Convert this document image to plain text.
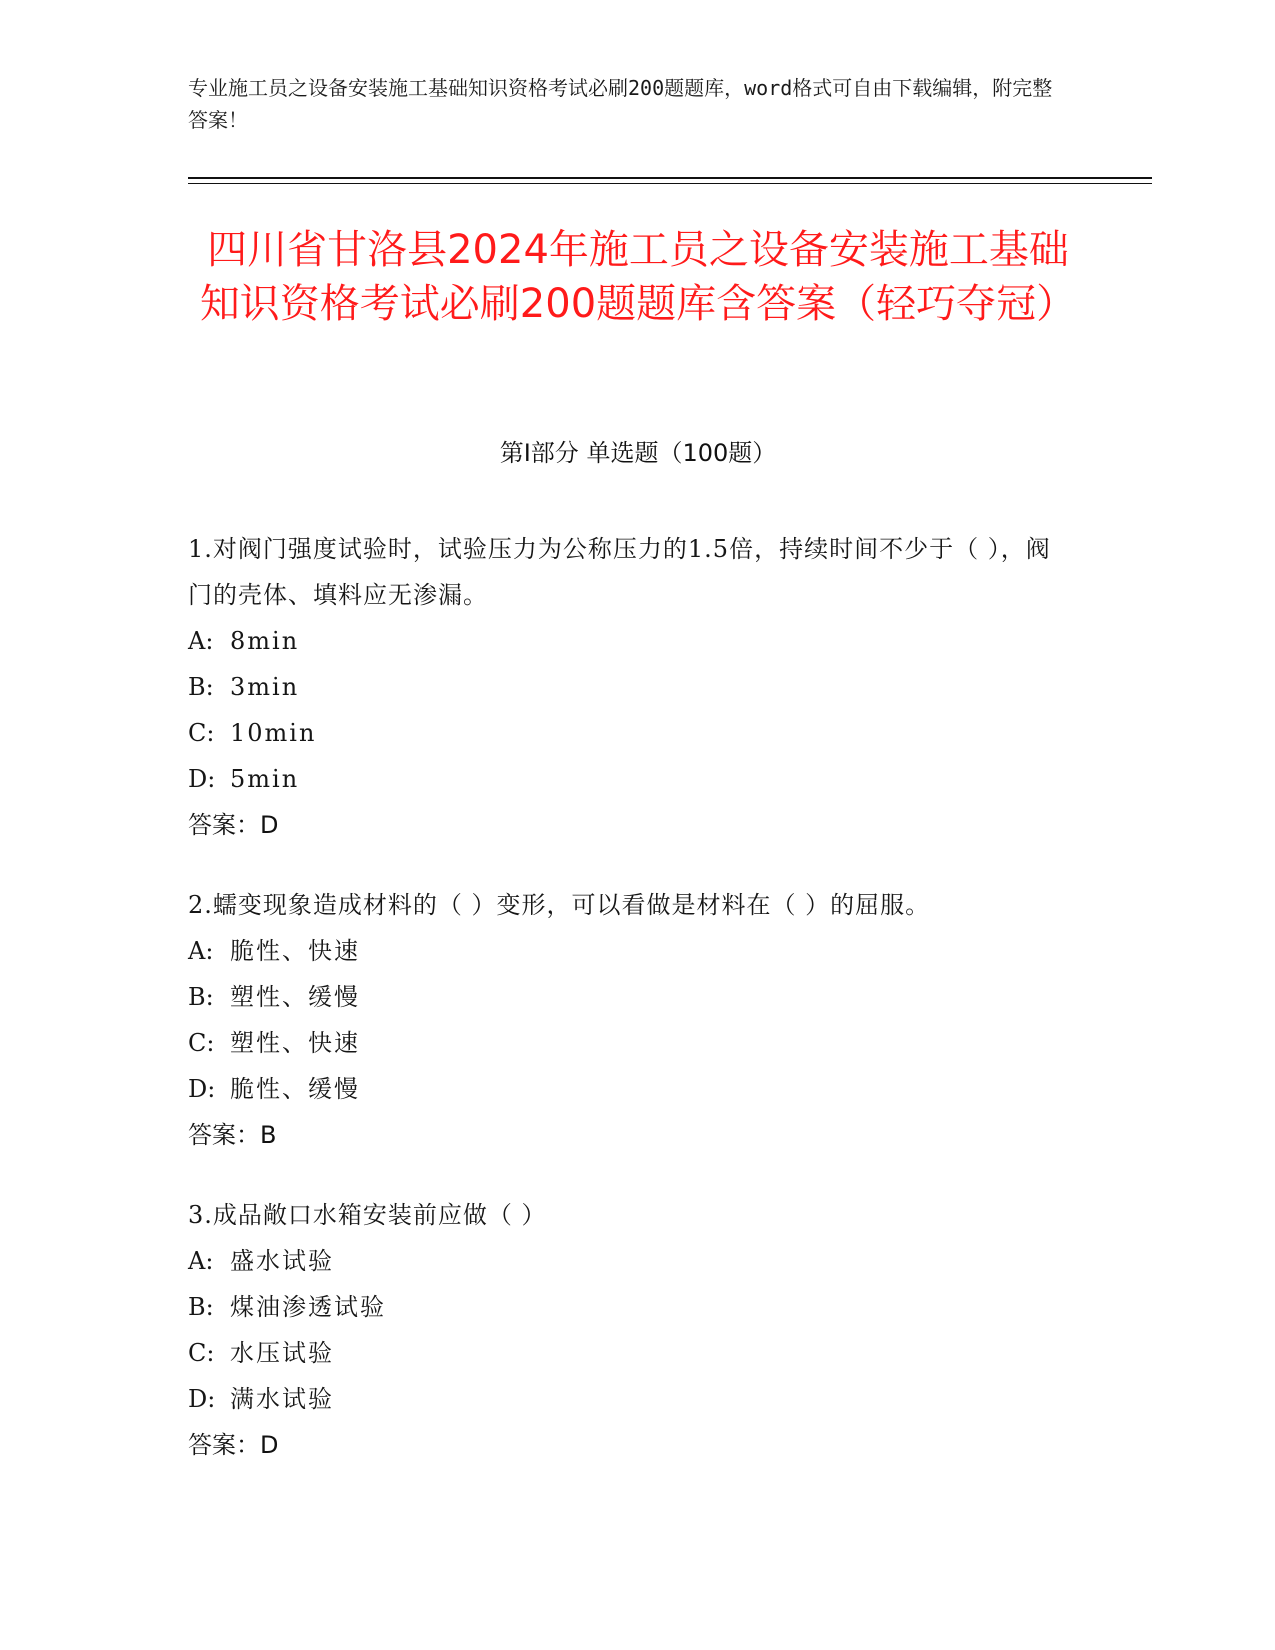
专业施工员之设备安装施工基础知识资格考试必刷200题题库，word格式可自由下载编辑，附完整答案！
四川省甘洛县2024年施工员之设备安装施工基础知识资格考试必刷200题题库含答案（轻巧夺冠）
第Ⅰ部分 单选题（100题）
1.对阀门强度试验时，试验压力为公称压力的1.5倍，持续时间不少于（ ），阀门的壳体、填料应无渗漏。
A: 8min
B: 3min
C: 10min
D: 5min
答案：D
2.蠕变现象造成材料的（ ）变形，可以看做是材料在（ ）的屈服。
A: 脆性、快速
B: 塑性、缓慢
C: 塑性、快速
D: 脆性、缓慢
答案：B
3.成品敞口水箱安装前应做（ ）
A: 盛水试验
B: 煤油渗透试验
C: 水压试验
D: 满水试验
答案：D
